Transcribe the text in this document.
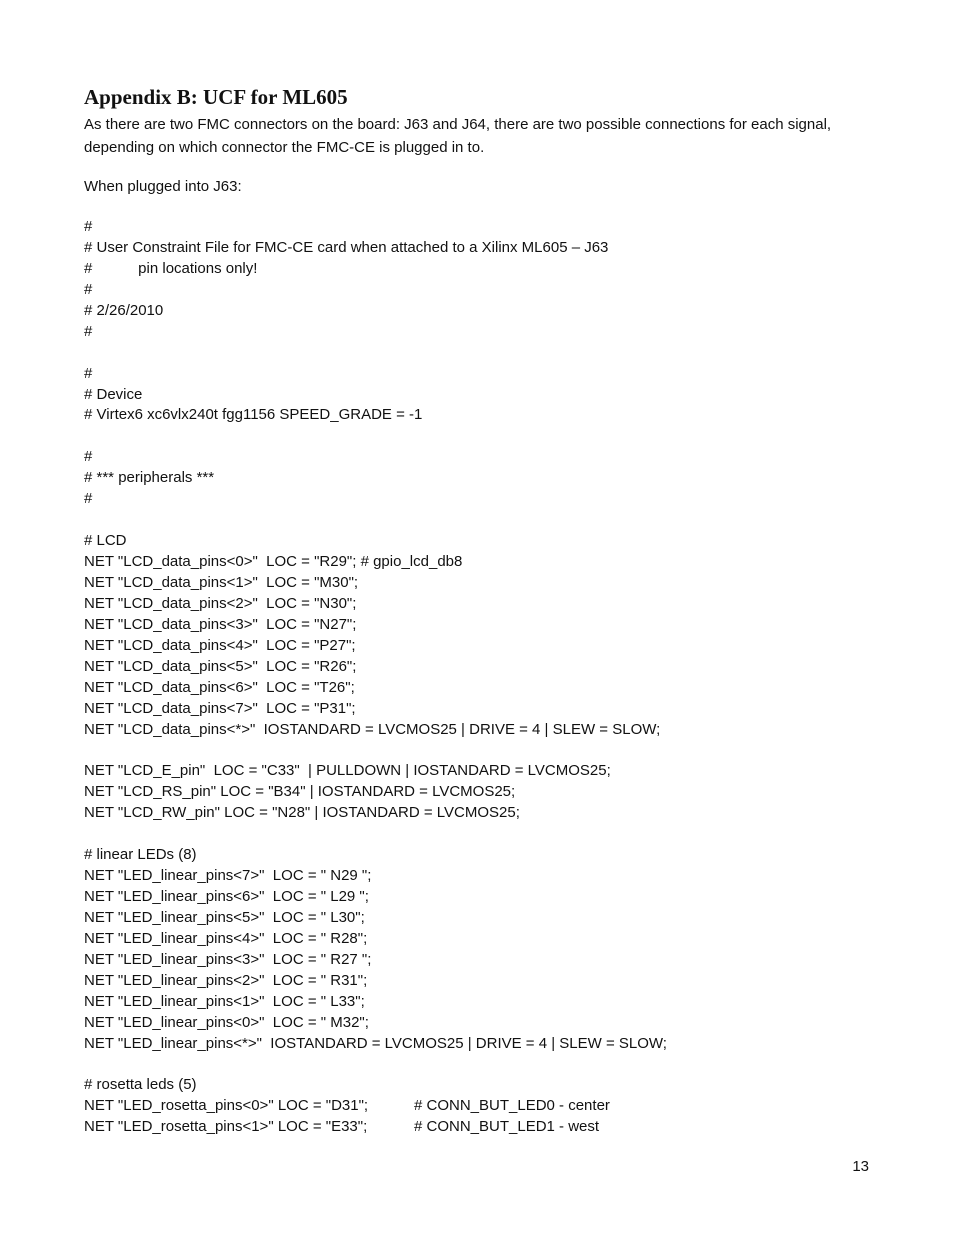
Appendix B: UCF for ML605

As there are two FMC connectors on the board: J63 and J64, there are two possible connections for each signal, depending on which connector the FMC-CE is plugged in to.

When plugged into J63:

#
# User Constraint File for FMC-CE card when attached to a Xilinx ML605 – J63
#           pin locations only!
#
# 2/26/2010
#
#
# Device
# Virtex6 xc6vlx240t fgg1156 SPEED_GRADE = -1
#
# *** peripherals ***
#
# LCD
NET "LCD_data_pins<0>"  LOC = "R29"; # gpio_lcd_db8
NET "LCD_data_pins<1>"  LOC = "M30";
NET "LCD_data_pins<2>"  LOC = "N30";
NET "LCD_data_pins<3>"  LOC = "N27";
NET "LCD_data_pins<4>"  LOC = "P27";
NET "LCD_data_pins<5>"  LOC = "R26";
NET "LCD_data_pins<6>"  LOC = "T26";
NET "LCD_data_pins<7>"  LOC = "P31";
NET "LCD_data_pins<*>"  IOSTANDARD = LVCMOS25 | DRIVE = 4 | SLEW = SLOW;
NET "LCD_E_pin"  LOC = "C33"  | PULLDOWN | IOSTANDARD = LVCMOS25;
NET "LCD_RS_pin" LOC = "B34" | IOSTANDARD = LVCMOS25;
NET "LCD_RW_pin" LOC = "N28" | IOSTANDARD = LVCMOS25;
# linear LEDs (8)
NET "LED_linear_pins<7>"  LOC = " N29 ";
NET "LED_linear_pins<6>"  LOC = " L29 ";
NET "LED_linear_pins<5>"  LOC = " L30";
NET "LED_linear_pins<4>"  LOC = " R28";
NET "LED_linear_pins<3>"  LOC = " R27 ";
NET "LED_linear_pins<2>"  LOC = " R31";
NET "LED_linear_pins<1>"  LOC = " L33";
NET "LED_linear_pins<0>"  LOC = " M32";
NET "LED_linear_pins<*>"  IOSTANDARD = LVCMOS25 | DRIVE = 4 | SLEW = SLOW;
# rosetta leds (5)
NET "LED_rosetta_pins<0>" LOC = "D31";	# CONN_BUT_LED0 - center
NET "LED_rosetta_pins<1>" LOC = "E33";	# CONN_BUT_LED1 - west
13
